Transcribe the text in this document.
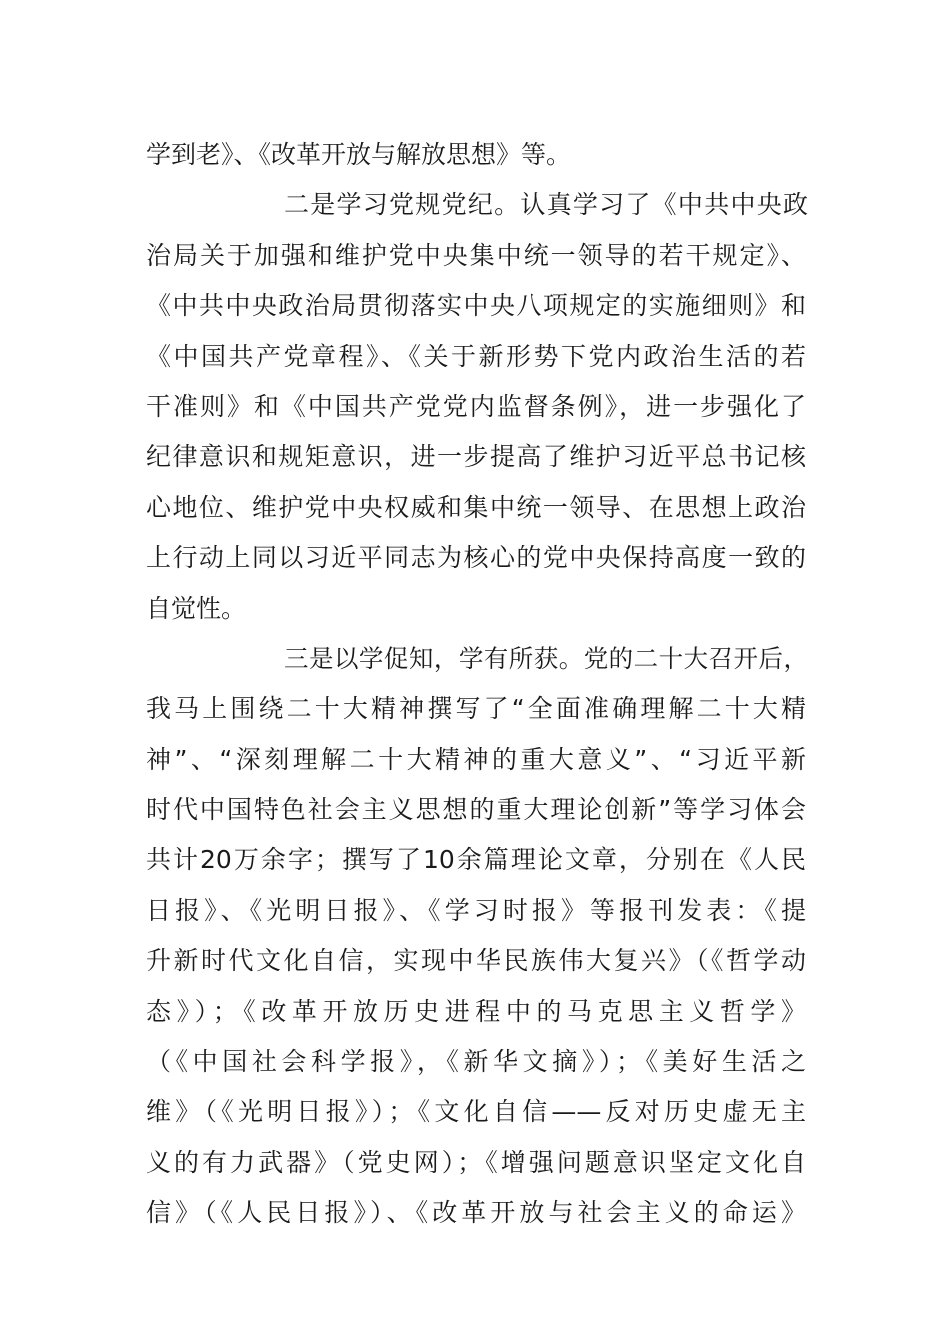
学到老》、《改革开放与解放思想》等。
二是学习党规党纪。认真学习了《中共中央政
治局关于加强和维护党中央集中统一领导的若干规定》、
《中共中央政治局贯彻落实中央八项规定的实施细则》和
《中国共产党章程》、《关于新形势下党内政治生活的若
干准则》和《中国共产党党内监督条例》，进一步强化了
纪律意识和规矩意识，进一步提高了维护习近平总书记核
心地位、维护党中央权威和集中统一领导、在思想上政治
上行动上同以习近平同志为核心的党中央保持高度一致的
自觉性。
三是以学促知，学有所获。党的二十大召开后，
我马上围绕二十大精神撰写了“全面准确理解二十大精
神”、“深刻理解二十大精神的重大意义”、“习近平新
时代中国特色社会主义思想的重大理论创新”等学习体会
共计20万余字；撰写了10余篇理论文章，分别在《人民
日报》、《光明日报》、《学习时报》等报刊发表：《提
升新时代文化自信，实现中华民族伟大复兴》（《哲学动
态》）；《改革开放历史进程中的马克思主义哲学》
（《中国社会科学报》，《新华文摘》）；《美好生活之
维》（《光明日报》）；《文化自信——反对历史虚无主
义的有力武器》（党史网）；《增强问题意识坚定文化自
信》（《人民日报》）、《改革开放与社会主义的命运》
